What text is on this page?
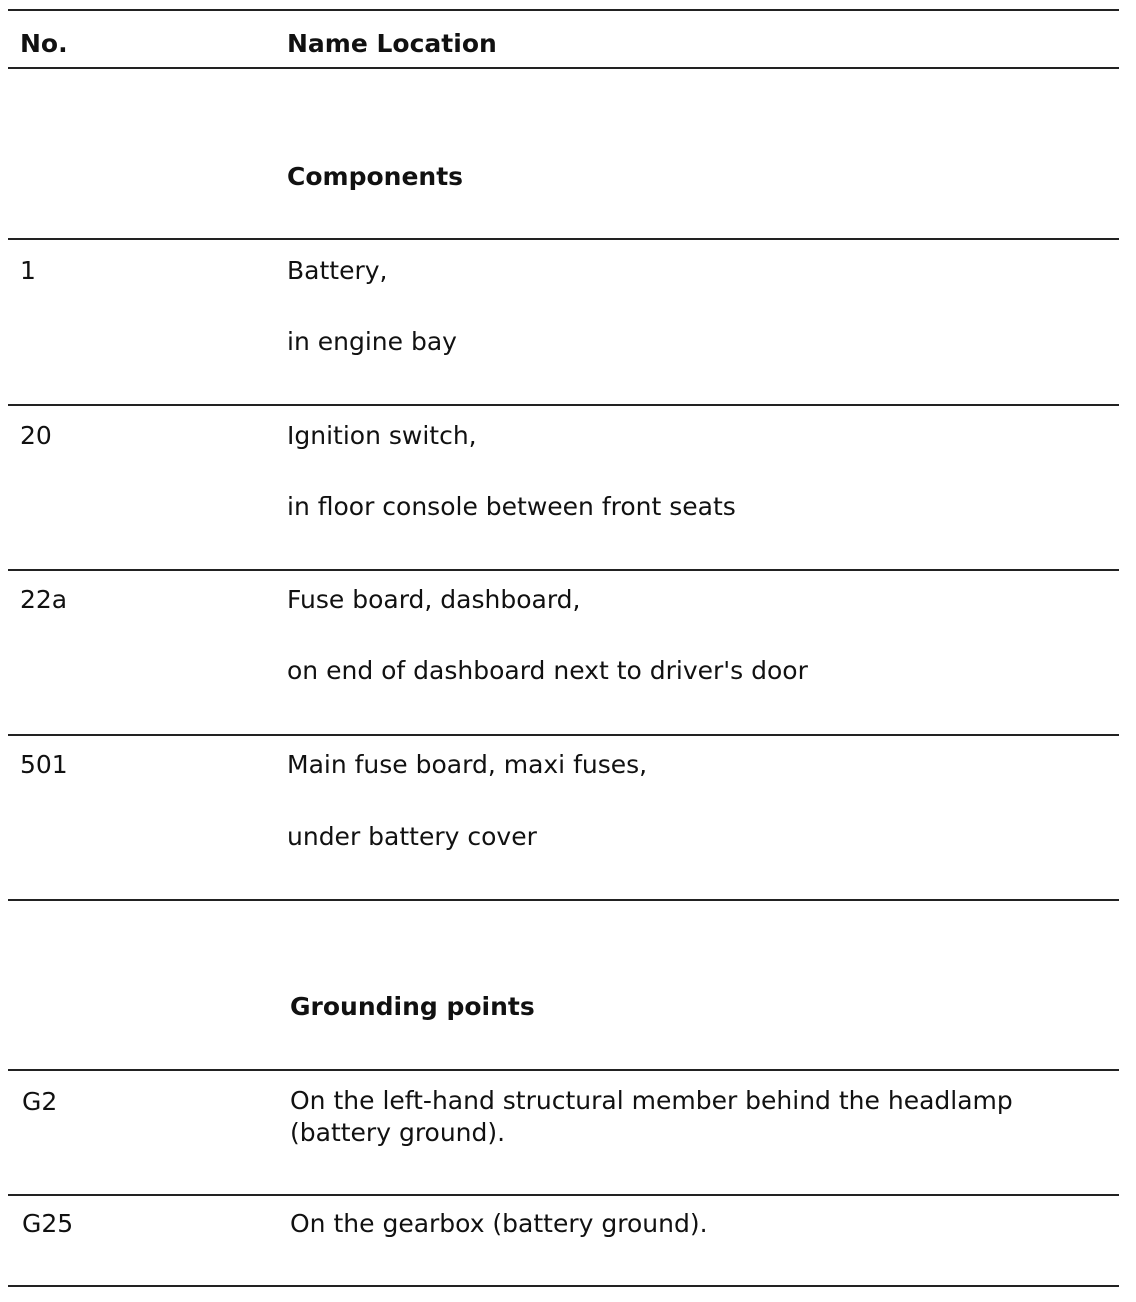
No.	Name Location
Components
1	Battery,
in engine bay
20	Ignition switch,
in floor console between front seats
22a	Fuse board, dashboard,
on end of dashboard next to driver's door
501	Main fuse board, maxi fuses,
under battery cover
Grounding points
G2	On the left-hand structural member behind the headlamp (battery ground).
G25	On the gearbox (battery ground).
